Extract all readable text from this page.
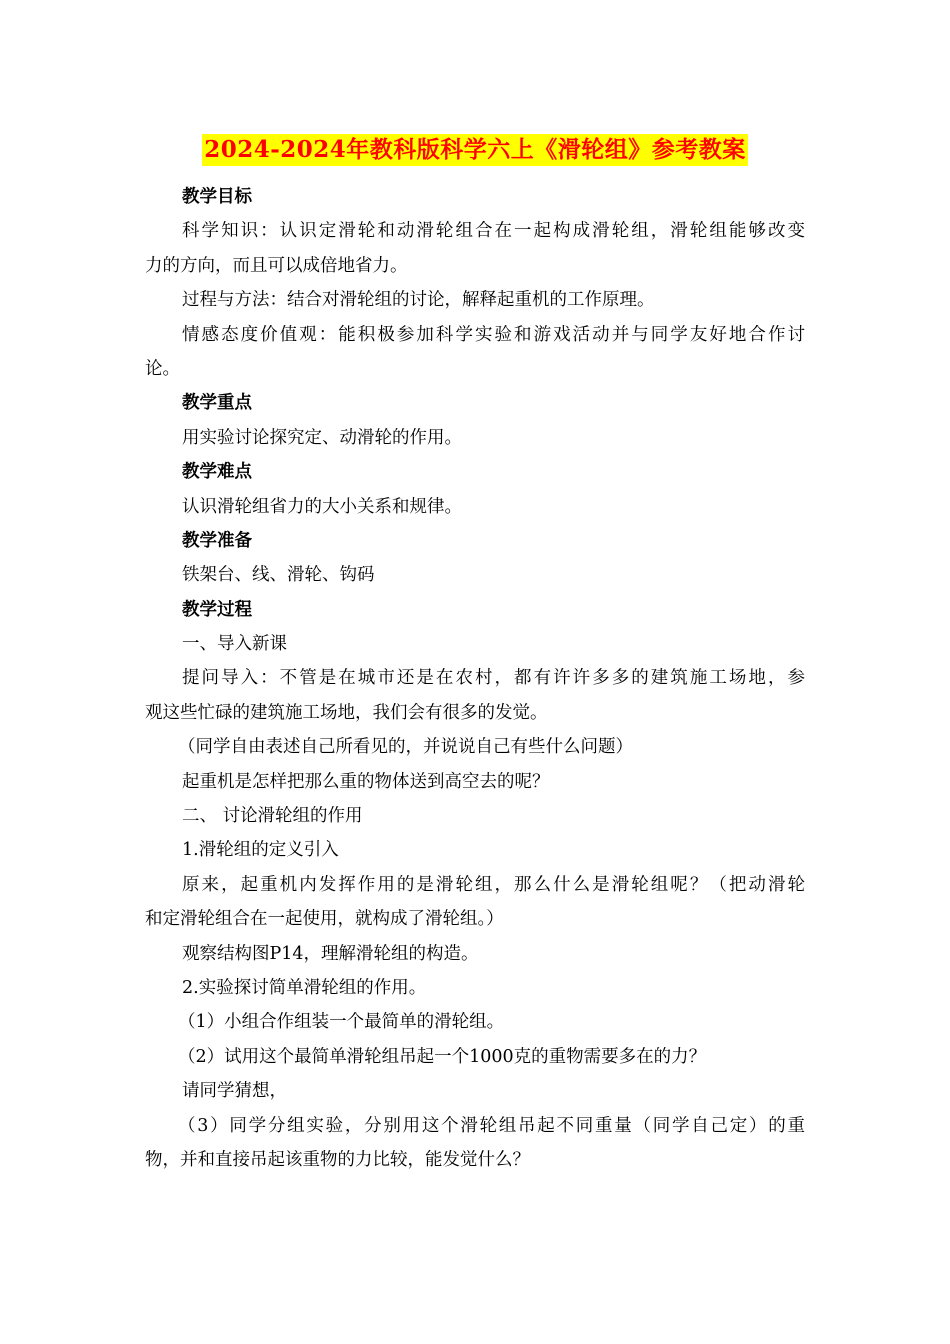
2024-2024年教科版科学六上《滑轮组》参考教案
教学目标
科学知识：认识定滑轮和动滑轮组合在一起构成滑轮组，滑轮组能够改变
力的方向，而且可以成倍地省力。
过程与方法：结合对滑轮组的讨论，解释起重机的工作原理。
情感态度价值观：能积极参加科学实验和游戏活动并与同学友好地合作讨
论。
教学重点
用实验讨论探究定、动滑轮的作用。
教学难点
认识滑轮组省力的大小关系和规律。
教学准备
铁架台、线、滑轮、钩码
教学过程
一、导入新课
提问导入：不管是在城市还是在农村，都有许许多多的建筑施工场地，参
观这些忙碌的建筑施工场地，我们会有很多的发觉。
（同学自由表述自己所看见的，并说说自己有些什么问题）
起重机是怎样把那么重的物体送到高空去的呢？
二、 讨论滑轮组的作用
1.滑轮组的定义引入
原来，起重机内发挥作用的是滑轮组，那么什么是滑轮组呢？（把动滑轮
和定滑轮组合在一起使用，就构成了滑轮组。）
观察结构图P14，理解滑轮组的构造。
2.实验探讨简单滑轮组的作用。
（1）小组合作组装一个最简单的滑轮组。
（2）试用这个最简单滑轮组吊起一个1000克的重物需要多在的力？
请同学猜想，
（3）同学分组实验，分别用这个滑轮组吊起不同重量（同学自己定）的重
物，并和直接吊起该重物的力比较，能发觉什么？
